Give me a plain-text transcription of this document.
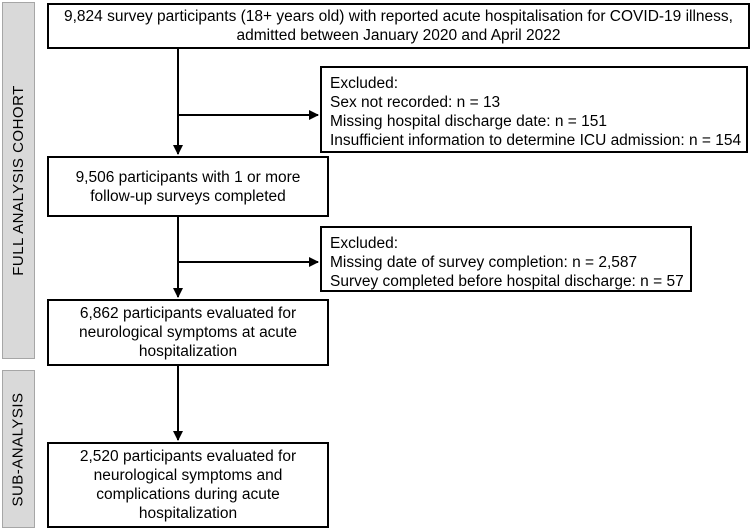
FULL ANALYSIS COHORT
SUB-ANALYSIS
9,824 survey participants (18+ years old) with reported acute hospitalisation for COVID-19 illness,
admitted between January 2020 and April 2022
Excluded:
Sex not recorded: n = 13
Missing hospital discharge date: n = 151
Insufficient information to determine ICU admission: n = 154
9,506 participants with 1 or more
follow-up surveys completed
Excluded:
Missing date of survey completion: n = 2,587
Survey completed before hospital discharge: n = 57
6,862 participants evaluated for
neurological symptoms at acute
hospitalization
2,520 participants evaluated for
neurological symptoms and
complications during acute
hospitalization
